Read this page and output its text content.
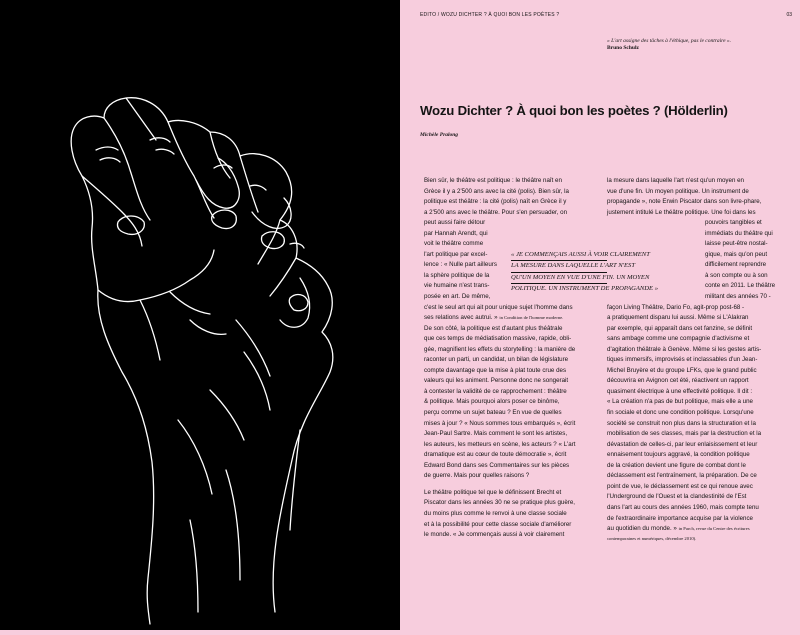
EDITO / WOZU DICHTER ? À QUOI BON LES POÈTES ?	03
« L'art assigne des tâches à l'éthique, pas le contraire ».
Bruno Schulz
Wozu Dichter ? À quoi bon les poètes ? (Hölderlin)
Michèle Pralong

Bien sûr, le théâtre est politique : le théâtre naît en

Grèce il y a 2'500 ans avec la cité (polis). Bien sûr, la

politique est théâtre : la cité (polis) naît en Grèce il y

a 2'500 ans avec le théâtre. Pour s'en persuader, on

peut aussi faire détour

par Hannah Arendt, qui

voit le théâtre comme

l'art politique par excel-

lence : « Nulle part ailleurs

la sphère politique de la

vie humaine n'est trans-

posée en art. De même,

c'est le seul art qui ait pour unique sujet l'homme dans

ses relations avec autrui. » in Condition de l'homme moderne.

De son côté, la politique est d'autant plus théâtrale

que ces temps de médiatisation massive, rapide, obli-

gée, magnifient les effets du storytelling : la manière de

raconter un parti, un candidat, un bilan de législature

compte davantage que la mise à plat toute crue des

valeurs qui les animent. Personne donc ne songerait

à contester la validité de ce rapprochement : théâtre

& politique. Mais pourquoi alors poser ce binôme,

perçu comme un sujet bateau ? En vue de quelles

mises à jour ? « Nous sommes tous embarqués », écrit

Jean-Paul Sartre. Mais comment le sont les artistes,

les auteurs, les metteurs en scène, les acteurs ? « L'art

dramatique est au cœur de toute démocratie », écrit

Edward Bond dans ses Commentaires sur les pièces

de guerre. Mais pour quelles raisons ?

Le théâtre politique tel que le définissent Brecht et

Piscator dans les années 30 ne se pratique plus guère,

du moins plus comme le renvoi à une classe sociale

et à la possibilité pour cette classe sociale d'améliorer

le monde. « Je commençais aussi à voir clairement

« JE COMMENÇAIS AUSSI À VOIR CLAIREMENT
LA MESURE DANS LAQUELLE L'ART N'EST
QU'UN MOYEN EN VUE D'UNE FIN. UN MOYEN
POLITIQUE. UN INSTRUMENT DE PROPAGANDE »

la mesure dans laquelle l'art n'est qu'un moyen en

vue d'une fin. Un moyen politique. Un instrument de

propagande », note Erwin Piscator dans son livre-phare,

justement intitulé Le théâtre politique. Une foi dans les

pouvoirs tangibles et

immédiats du théâtre qui

laisse peut-être nostal-

gique, mais qu'on peut

difficilement reprendre

à son compte ou à son

conte en 2011. Le théâtre

militant des années 70 -

façon Living Théâtre, Dario Fo, agit-prop post-68 -

a pratiquement disparu lui aussi. Même si L'Alakran

par exemple, qui apparaît dans cet fanzine, se définit

sans ambage comme une compagnie d'activisme et

d'agitation théâtrale à Genève. Même si les gestes artis-

tiques immersifs, improvisés et inclassables d'un Jean-

Michel Bruyère et du groupe LFKs, que le grand public

découvrira en Avignon cet été, réactivent un rapport

quasiment électrique à une effectivité politique. Il dit :

« La création n'a pas de but politique, mais elle a une

fin sociale et donc une condition politique. Lorsqu'une

société se construit non plus dans la structuration et la

mobilisation de ses classes, mais par la destruction et la

dévastation de celles-ci, par leur enlaisissement et leur

ennaisement toujours aggravé, la condition politique

de la création devient une figure de combat dont le

déclassement est l'entraînement, la préparation. De ce

point de vue, le déclassement est ce qui renoue avec

l'Underground de l'Ouest et la clandestinité de l'Est

dans l'art au cours des années 1960, mais compte tenu

de l'extraordinaire importance acquise par la violence

au quotidien du monde. » in Parch, revue du Centre des écritures

contemporaines et numériques, décembre 2010).
